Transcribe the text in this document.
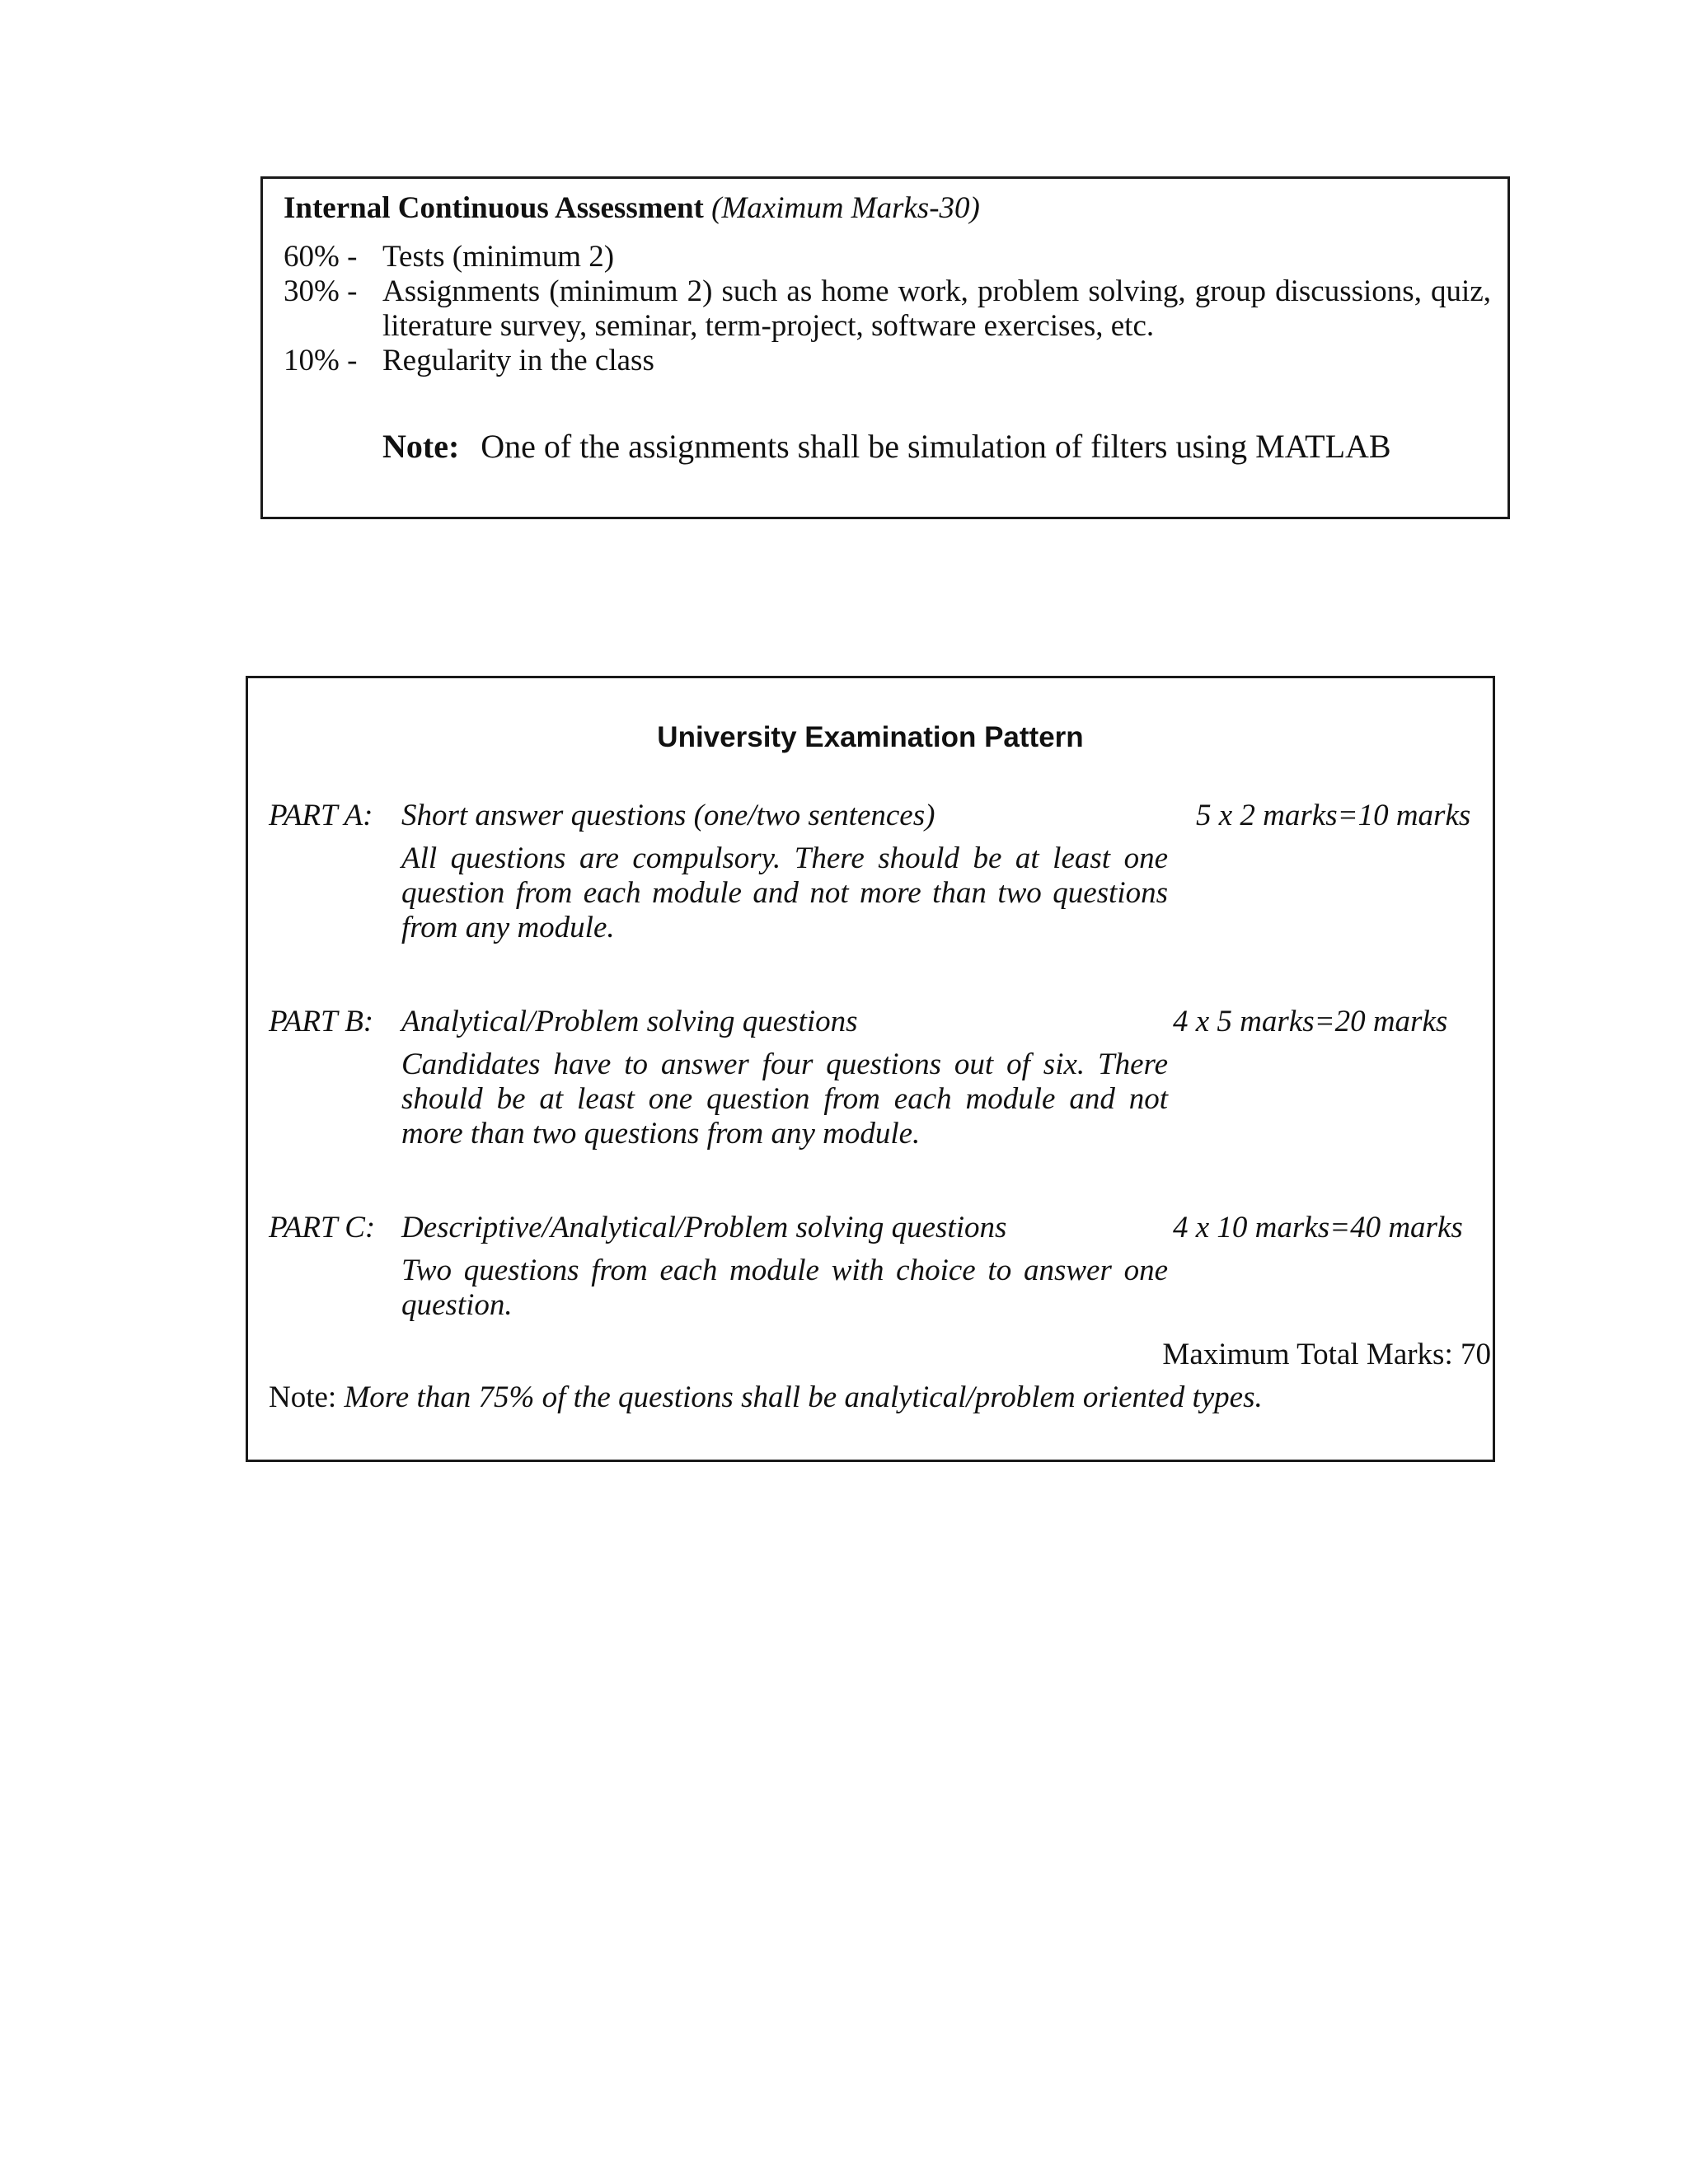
Internal Continuous Assessment (Maximum Marks-30)
60% - Tests (minimum 2)
30% - Assignments (minimum 2) such as home work, problem solving, group discussions, quiz, literature survey, seminar, term-project, software exercises, etc.
10% - Regularity in the class
Note: One of the assignments shall be simulation of filters using MATLAB
University Examination Pattern
PART A: Short answer questions (one/two sentences)	5 x 2 marks=10 marks
All questions are compulsory. There should be at least one question from each module and not more than two questions from any module.
PART B: Analytical/Problem solving questions	4 x 5 marks=20 marks
Candidates have to answer four questions out of six. There should be at least one question from each module and not more than two questions from any module.
PART C: Descriptive/Analytical/Problem solving questions	4 x 10 marks=40 marks
Two questions from each module with choice to answer one question.
Maximum Total Marks: 70
Note: More than 75% of the questions shall be analytical/problem oriented types.
